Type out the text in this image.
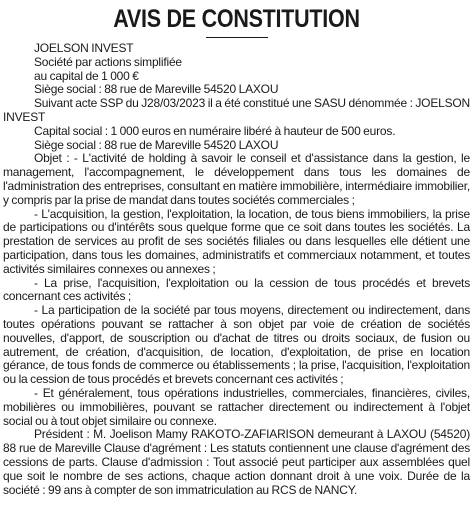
AVIS DE CONSTITUTION

JOELSON INVEST

Société par actions simplifiée

au capital de 1 000 €

Siège social : 88 rue de Mareville 54520 LAXOU

Suivant acte SSP du J28/03/2023 il a été constitué une SASU dénommée : JOELSON INVEST

Capital social : 1 000 euros en numéraire libéré à hauteur de 500 euros.

Siège social : 88 rue de Mareville 54520 LAXOU

Objet : - L'activité de holding à savoir le conseil et d'assistance dans la gestion, le management, l'accompagnement, le développement dans tous les domaines de l'administration des entreprises, consultant en matière immobilière, intermédiaire immobilier, y compris par la prise de mandat dans toutes sociétés commerciales ;

- L'acquisition, la gestion, l'exploitation, la location, de tous biens immobiliers, la prise de participations ou d'intérêts sous quelque forme que ce soit dans toutes les sociétés. La prestation de services au profit de ses sociétés filiales ou dans lesquelles elle détient une participation, dans tous les domaines, administratifs et commerciaux notamment, et toutes activités similaires connexes ou annexes ;

- La prise, l'acquisition, l'exploitation ou la cession de tous procédés et brevets concernant ces activités ;

- La participation de la société par tous moyens, directement ou indirectement, dans toutes opérations pouvant se rattacher à son objet par voie de création de sociétés nouvelles, d'apport, de souscription ou d'achat de titres ou droits sociaux, de fusion ou autrement, de création, d'acquisition, de location, d'exploitation, de prise en location gérance, de tous fonds de commerce ou établissements ; la prise, l'acquisition, l'exploitation ou la cession de tous procédés et brevets concernant ces activités ;

- Et généralement, tous opérations industrielles, commerciales, financières, civiles, mobilières ou immobilières, pouvant se rattacher directement ou indirectement à l'objet social ou à tout objet similaire ou connexe.

Président : M. Joelison Mamy RAKOTO-ZAFIARISON demeurant à LAXOU (54520) 88 rue de Mareville Clause d'agrément : Les statuts contiennent une clause d'agrément des cessions de parts. Clause d'admission : Tout associé peut participer aux assemblées quel que soit le nombre de ses actions, chaque action donnant droit à une voix. Durée de la société : 99 ans à compter de son immatriculation au RCS de NANCY.
